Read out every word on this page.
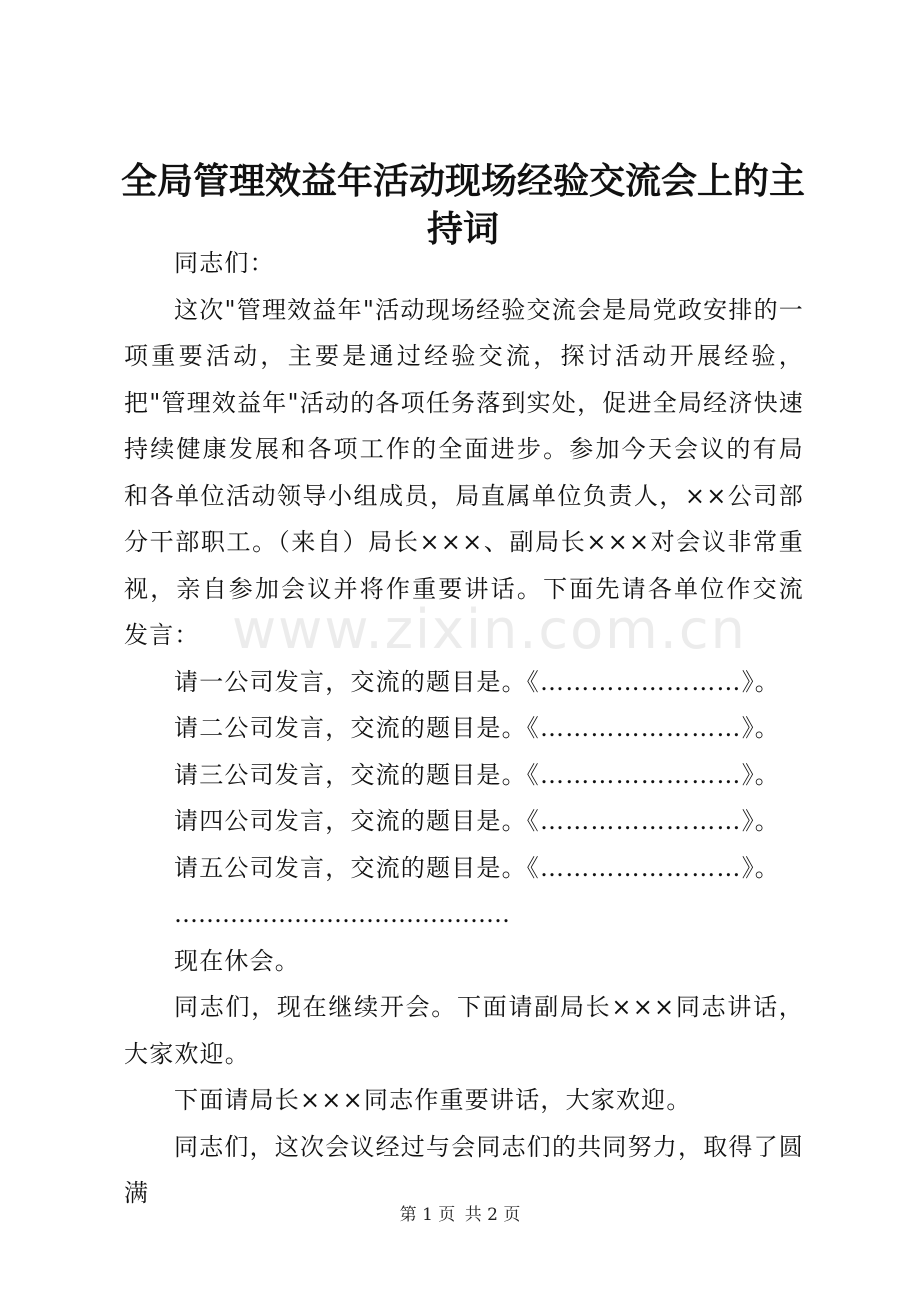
全局管理效益年活动现场经验交流会上的主持词

同志们：

这次"管理效益年"活动现场经验交流会是局党政安排的一项重要活动，主要是通过经验交流，探讨活动开展经验，把"管理效益年"活动的各项任务落到实处，促进全局经济快速持续健康发展和各项工作的全面进步。参加今天会议的有局和各单位活动领导小组成员，局直属单位负责人，××公司部分干部职工。（来自）局长×××、副局长×××对会议非常重视，亲自参加会议并将作重要讲话。下面先请各单位作交流发言：

请一公司发言，交流的题目是。《……………………》。

请二公司发言，交流的题目是。《……………………》。

请三公司发言，交流的题目是。《……………………》。

请四公司发言，交流的题目是。《……………………》。

请五公司发言，交流的题目是。《……………………》。

……………………………………

现在休会。

同志们，现在继续开会。下面请副局长×××同志讲话，大家欢迎。

下面请局长×××同志作重要讲话，大家欢迎。

同志们，这次会议经过与会同志们的共同努力，取得了圆满

www.zixin.com.cn
第 1 页 共 2 页
